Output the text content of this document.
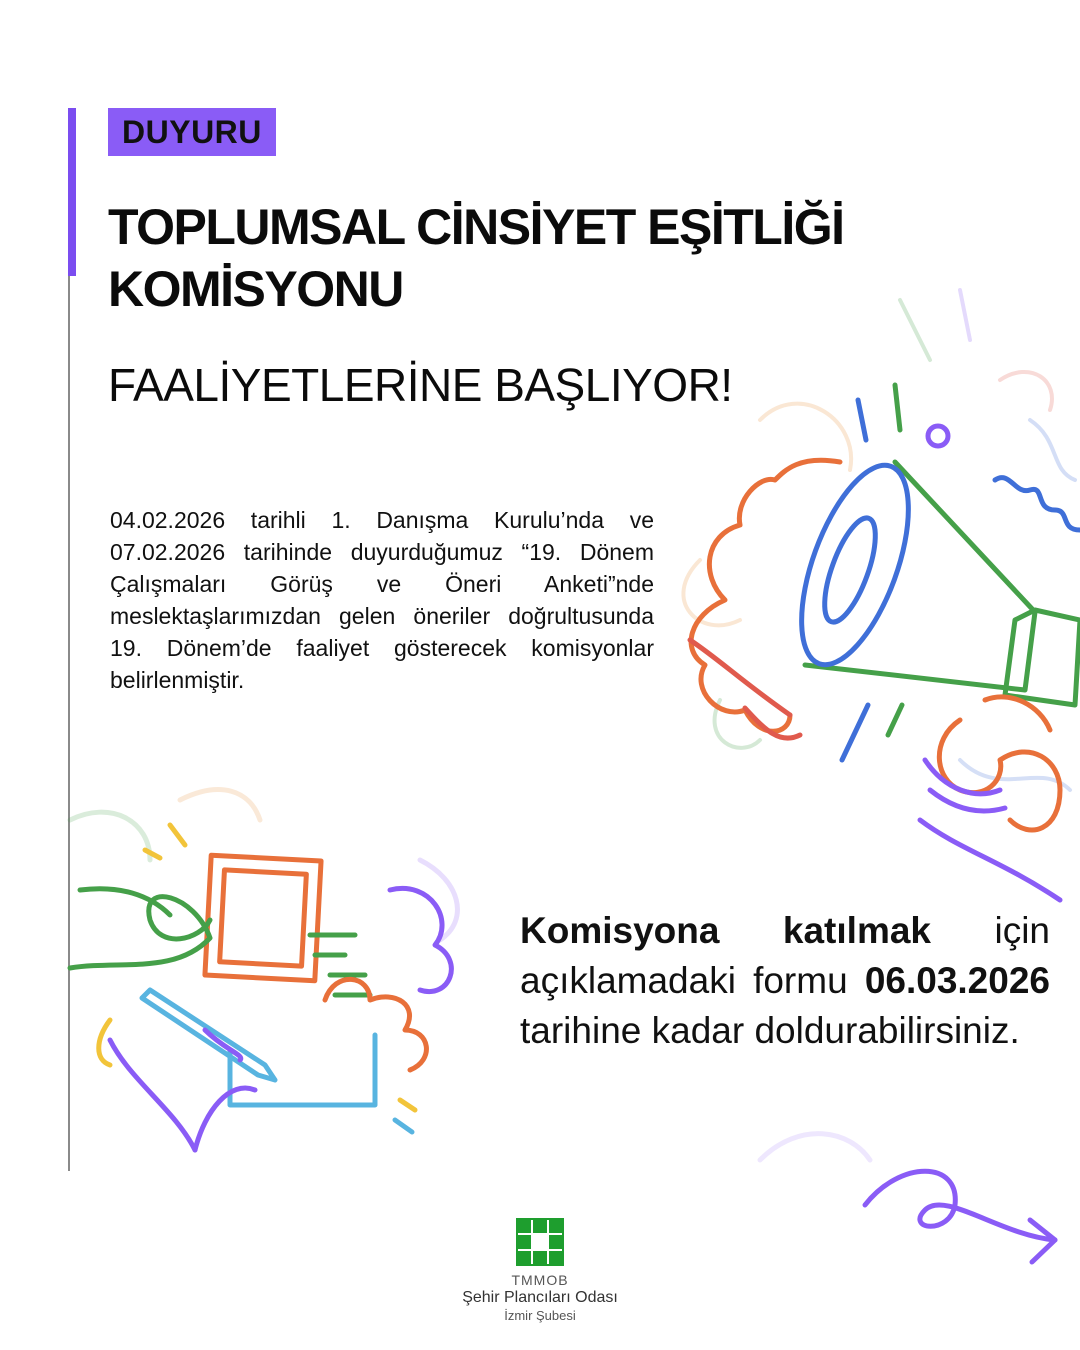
DUYURU
TOPLUMSAL CİNSİYET EŞİTLİĞİ
KOMİSYONU
FAALİYETLERİNE BAŞLIYOR!
04.02.2026 tarihli 1. Danışma Kurulu’nda ve 07.02.2026 tarihinde duyurduğumuz “19. Dönem Çalışmaları Görüş ve Öneri Anketi”nde meslektaşlarımızdan gelen öneriler doğrultusunda 19. Dönem’de faaliyet gösterecek komisyonlar belirlenmiştir.
Komisyona katılmak için açıklamadaki formu 06.03.2026 tarihine kadar doldurabilirsiniz.
TMMOB
Şehir Plancıları Odası
İzmir Şubesi
